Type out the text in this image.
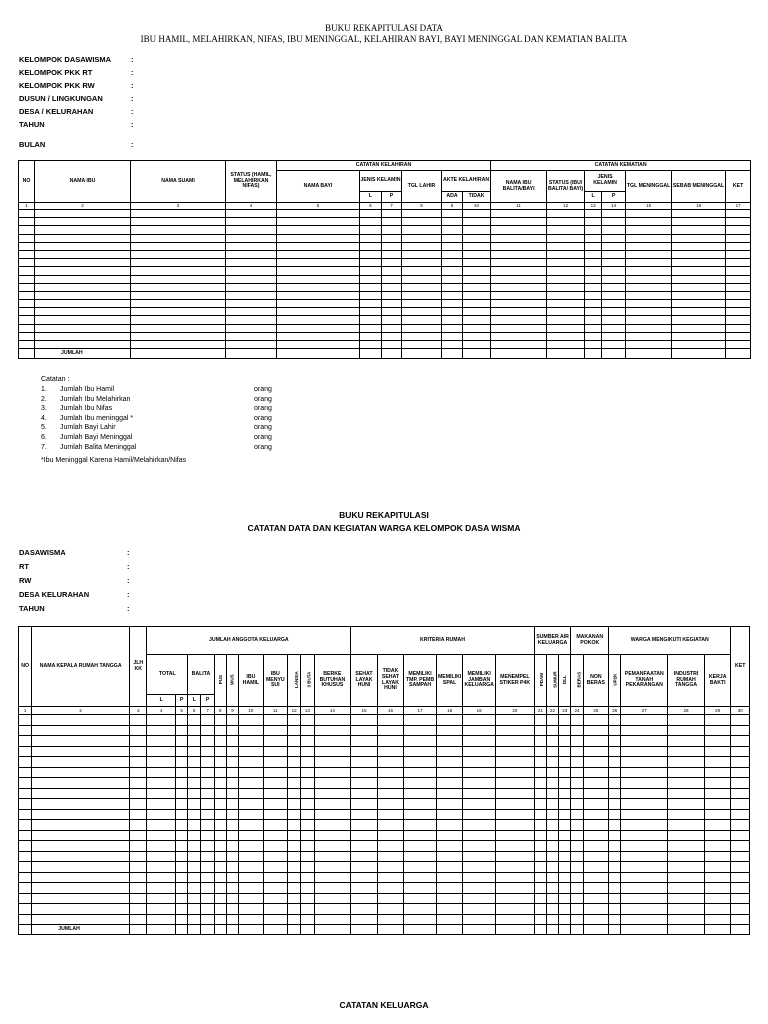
BUKU REKAPITULASI DATA
IBU HAMIL, MELAHIRKAN, NIFAS, IBU MENINGGAL, KELAHIRAN BAYI, BAYI MENINGGAL DAN KEMATIAN BALITA
KELOMPOK DASAWISMA	:
KELOMPOK PKK RT	:
KELOMPOK PKK RW	:
DUSUN / LINGKUNGAN	:
DESA / KELURAHAN	:
TAHUN	:
BULAN	:
NO	NAMA IBU	NAMA SUAMI	STATUS (HAMIL, MELAHIRKAN NIFAS)	CATATAN KELAHIRAN						CATATAN KEMATIAN						
				NAMA BAYI	JENIS KELAMIN		TGL LAHIR	AKTE KELAHIRAN		NAMA IBU BALITA/BAYI	STATUS (IBU/ BALITA/ BAYI)	JENIS KELAMIN		TGL MENINGGAL	SEBAB MENINGGAL	KET
					L	P		ADA	TIDAK			L	P			
1	2	3	4	5	6	7	8	9	10	11	12	13	14	15	16	17

	JUMLAH															
Catatan :
1. Jumlah Ibu Hamil	orang
2. Jumlah Ibu Melahirkan	orang
3. Jumlah Ibu Nifas	orang
4. Jumlah Ibu meninggal *	orang
5. Jumlah Bayi Lahir	orang
6. Jumlah Bayi Meninggal	orang
7. Jumlah Balita Meninggal	orang
*Ibu Meninggal Karena Hamil/Melahirkan/Nifas
BUKU REKAPITULASI
CATATAN DATA DAN KEGIATAN WARGA KELOMPOK DASA WISMA
DASAWISMA	:
RT	:
RW	:
DESA KELURAHAN	:
TAHUN	:
NO	NAMA KEPALA RUMAH TANGGA	JLH KK	JUMLAH ANGGOTA KELUARGA											KRITERIA RUMAH						SUMBER AIR KELUARGA			MAKANAN POKOK		WARGA MENGIKUTI KEGIATAN				KET
			TOTAL		BALITA		PUS	WUS	IBU HAMIL	IBU MENYU SUI	LANSIA	3 BUTA	BERKE BUTUHAN KHUSUS	SEHAT LAYAK HUNI	TIDAK SEHAT LAYAK HUNI	MEMILIKI TMP. PEMB SAMPAH	MEMILIKI SPAL	MEMILIKI JAMBAN KELUARGA	MENEMPEL STIKER P4K	PDAM	SUMUR	DLL	BERAS	NON BERAS	UP2K	PEMANFAATAN TANAH PEKARANGAN	INDUSTRI RUMAH TANGGA	KERJA BAKTI	
			L	P	L	P																							
1	2	3	4	5	6	7	8	9	10	11	12	13	14	15	16	17	18	19	20	21	22	23	24	25	26	27	28	29	30

	JUMLAH																												
CATATAN KELUARGA
